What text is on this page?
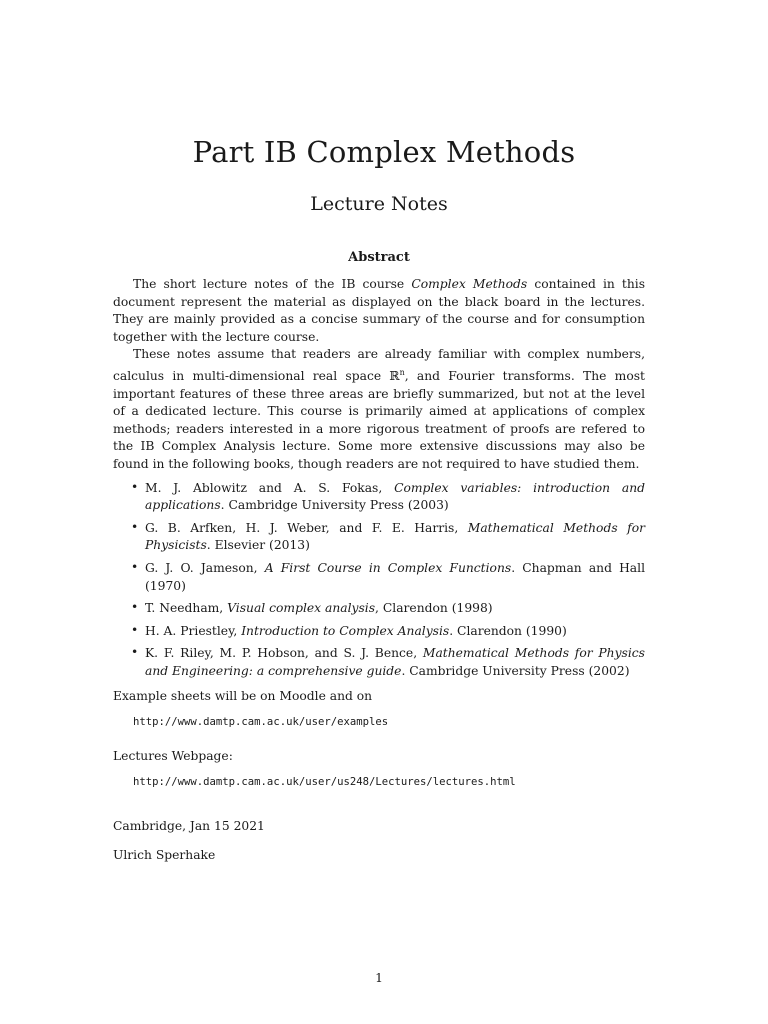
Part IB Complex Methods
Lecture Notes
Abstract

The short lecture notes of the IB course Complex Methods contained in this document represent the material as displayed on the black board in the lectures. They are mainly provided as a concise summary of the course and for consumption together with the lecture course.

These notes assume that readers are already familiar with complex numbers, calculus in multi-dimensional real space ℝ$^n$, and Fourier transforms. The most important features of these three areas are briefly summarized, but not at the level of a dedicated lecture. This course is primarily aimed at applications of complex methods; readers interested in a more rigorous treatment of proofs are refered to the IB Complex Analysis lecture. Some more extensive discussions may also be found in the following books, though readers are not required to have studied them.

• M. J. Ablowitz and A. S. Fokas, Complex variables: introduction and applications. Cambridge University Press (2003)
• G. B. Arfken, H. J. Weber, and F. E. Harris, Mathematical Methods for Physicists. Elsevier (2013)
• G. J. O. Jameson, A First Course in Complex Functions. Chapman and Hall (1970)
• T. Needham, Visual complex analysis, Clarendon (1998)
• H. A. Priestley, Introduction to Complex Analysis. Clarendon (1990)
• K. F. Riley, M. P. Hobson, and S. J. Bence, Mathematical Methods for Physics and Engineering: a comprehensive guide. Cambridge University Press (2002)

Example sheets will be on Moodle and on

http://www.damtp.cam.ac.uk/user/examples

Lectures Webpage:

http://www.damtp.cam.ac.uk/user/us248/Lectures/lectures.html
Cambridge, Jan 15 2021
Ulrich Sperhake
1
